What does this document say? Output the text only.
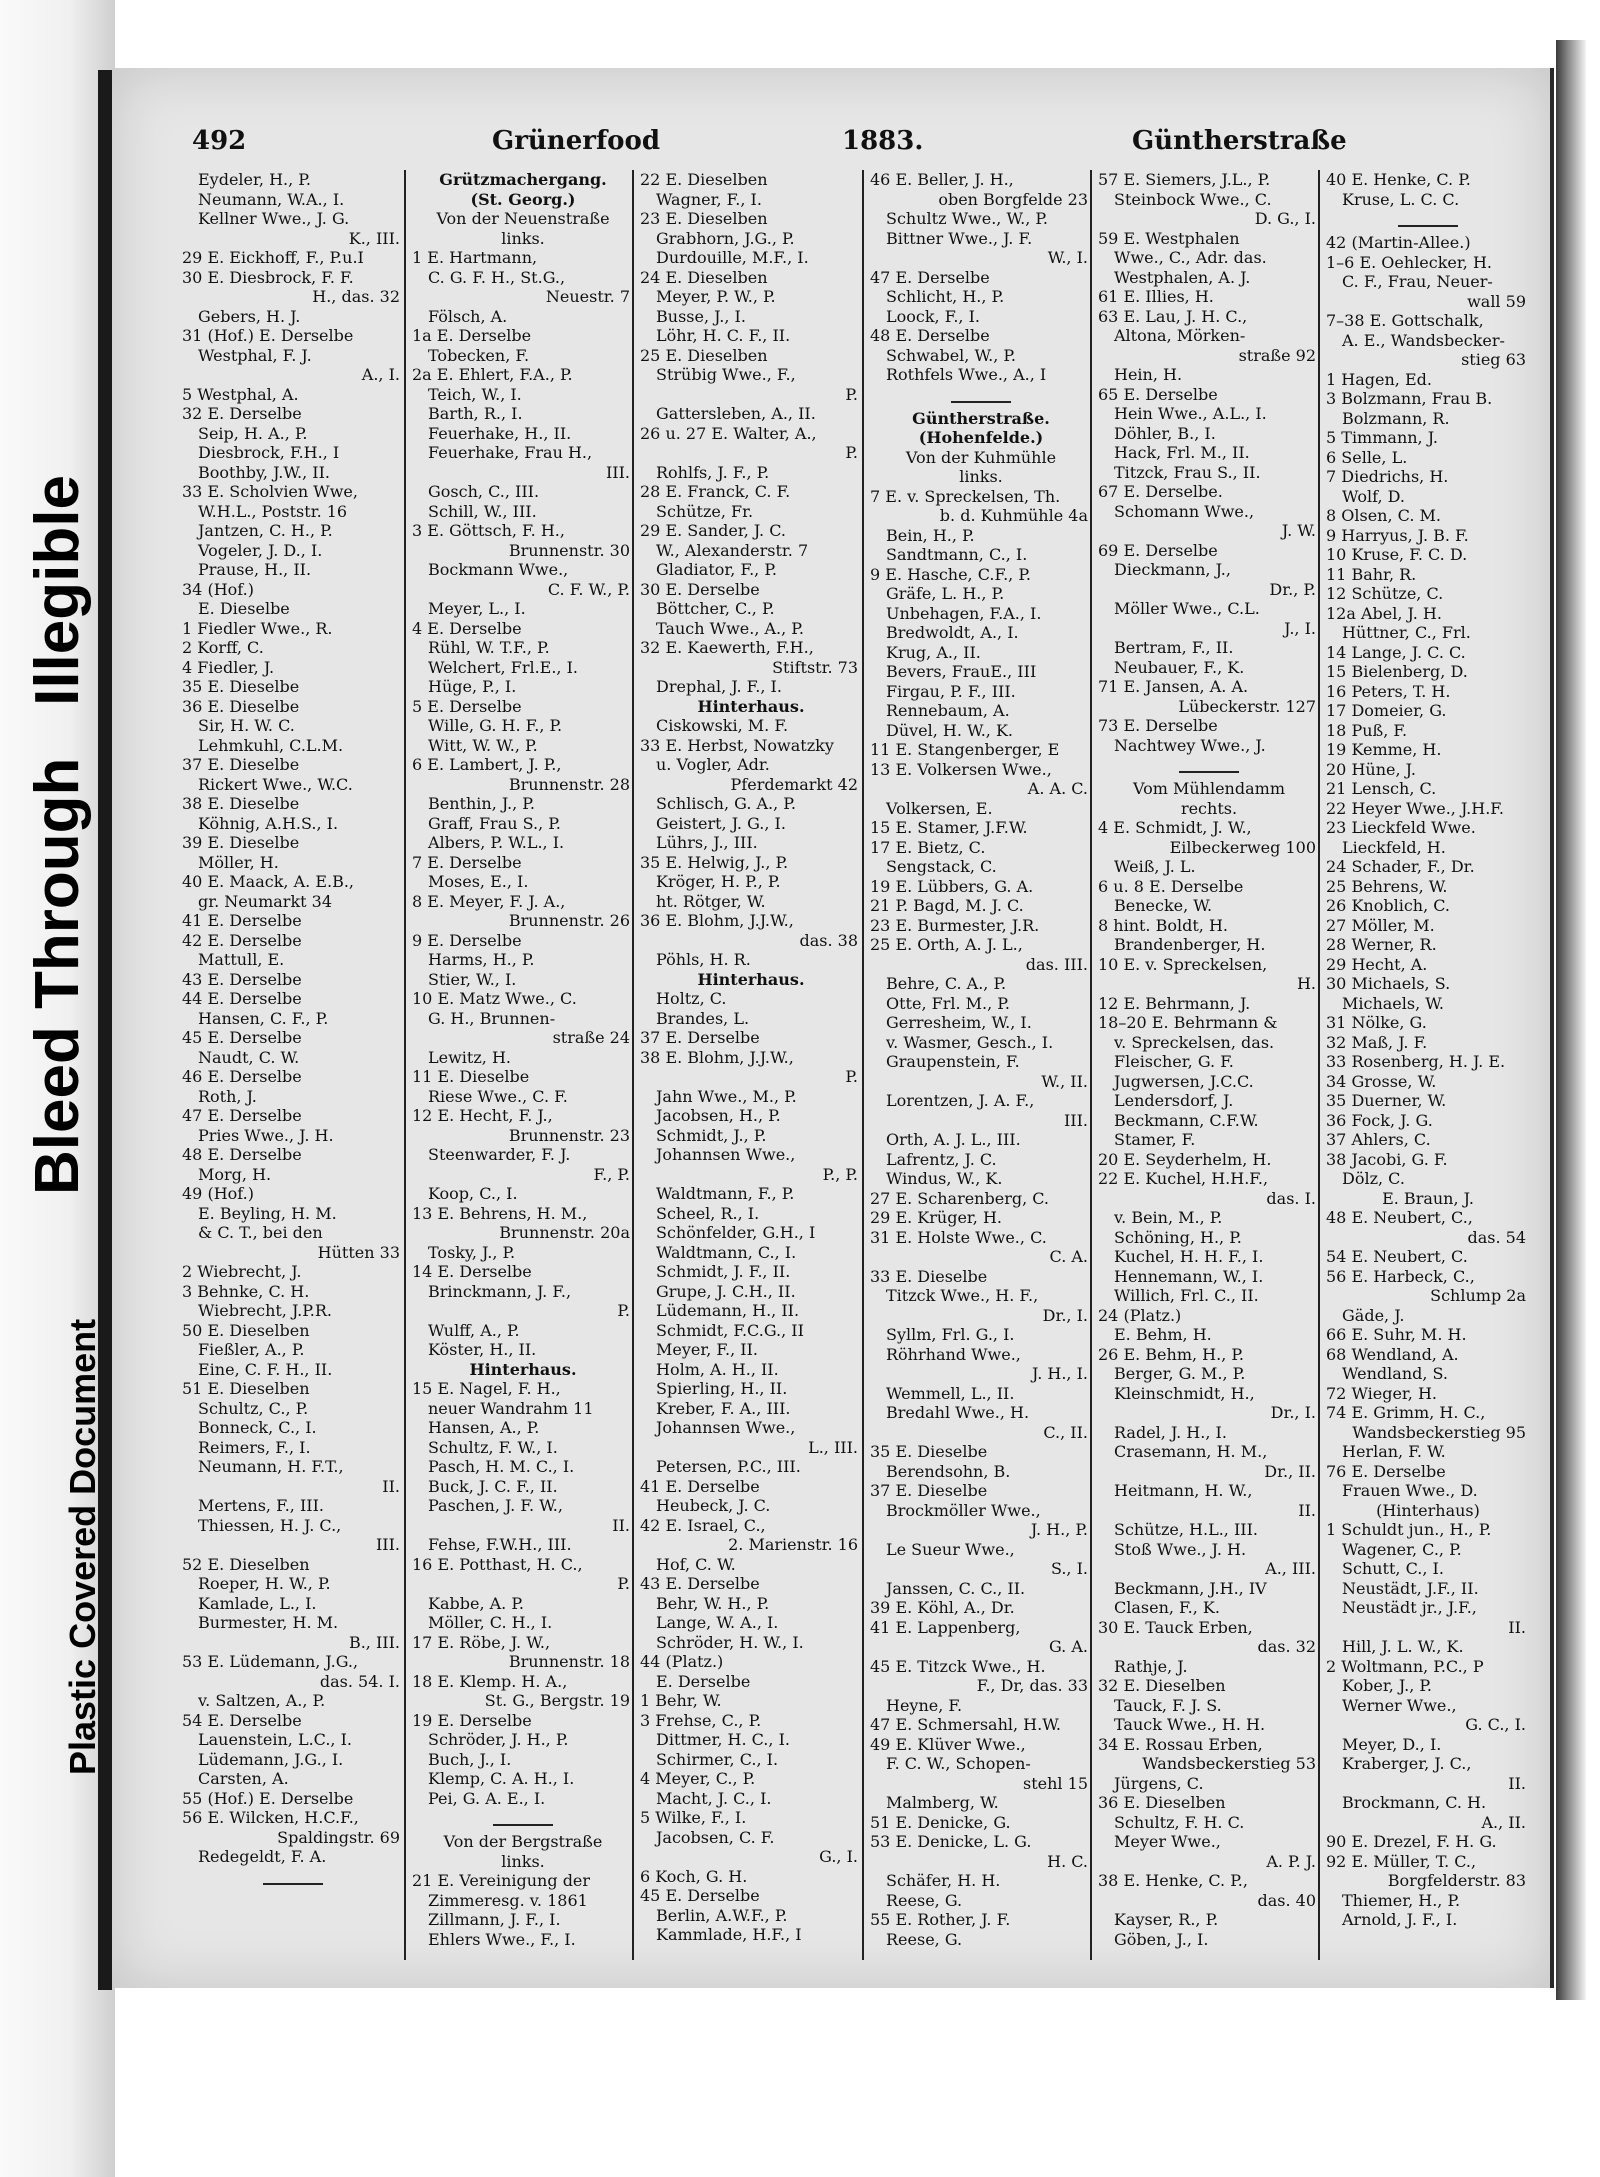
Bleed Through   Illegible
Plastic Covered Document
492	Grünerfood	1883.	Güntherstraße
Eydeler, H., P.
Neumann, W.A., I.
Kellner Wwe., J. G.
K., III.
29 E. Eickhoff, F., P.u.I
30 E. Diesbrock, F. F.
H., das. 32
Gebers, H. J.
31 (Hof.) E. Derselbe
Westphal, F. J.
A., I.
5 Westphal, A.
32 E. Derselbe
Seip, H. A., P.
Diesbrock, F.H., I
Boothby, J.W., II.
33 E. Scholvien Wwe,
W.H.L., Poststr. 16
Jantzen, C. H., P.
Vogeler, J. D., I.
Prause, H., II.
34 (Hof.)
E. Dieselbe
1 Fiedler Wwe., R.
2 Korff, C.
4 Fiedler, J.
35 E. Dieselbe
36 E. Dieselbe
Sir, H. W. C.
Lehmkuhl, C.L.M.
37 E. Dieselbe
Rickert Wwe., W.C.
38 E. Dieselbe
Köhnig, A.H.S., I.
39 E. Dieselbe
Möller, H.
40 E. Maack, A. E.B.,
gr. Neumarkt 34
41 E. Derselbe
42 E. Derselbe
Mattull, E.
43 E. Derselbe
44 E. Derselbe
Hansen, C. F., P.
45 E. Derselbe
Naudt, C. W.
46 E. Derselbe
Roth, J.
47 E. Derselbe
Pries Wwe., J. H.
48 E. Derselbe
Morg, H.
49 (Hof.)
E. Beyling, H. M.
& C. T., bei den
Hütten 33
2 Wiebrecht, J.
3 Behnke, C. H.
Wiebrecht, J.P.R.
50 E. Dieselben
Fießler, A., P.
Eine, C. F. H., II.
51 E. Dieselben
Schultz, C., P.
Bonneck, C., I.
Reimers, F., I.
Neumann, H. F.T.,
II.
Mertens, F., III.
Thiessen, H. J. C.,
III.
52 E. Dieselben
Roeper, H. W., P.
Kamlade, L., I.
Burmester, H. M.
B., III.
53 E. Lüdemann, J.G.,
das. 54. I.
v. Saltzen, A., P.
54 E. Derselbe
Lauenstein, L.C., I.
Lüdemann, J.G., I.
Carsten, A.
55 (Hof.) E. Derselbe
56 E. Wilcken, H.C.F.,
Spaldingstr. 69
Redegeldt, F. A.
Grützmachergang.
(St. Georg.)
Von der Neuenstraße
links.
1 E. Hartmann,
C. G. F. H., St.G.,
Neuestr. 7
Fölsch, A.
1a E. Derselbe
Tobecken, F.
2a E. Ehlert, F.A., P.
Teich, W., I.
Barth, R., I.
Feuerhake, H., II.
Feuerhake, Frau H.,
III.
Gosch, C., III.
Schill, W., III.
3 E. Göttsch, F. H.,
Brunnenstr. 30
Bockmann Wwe.,
C. F. W., P.
Meyer, L., I.
4 E. Derselbe
Rühl, W. T.F., P.
Welchert, Frl.E., I.
Hüge, P., I.
5 E. Derselbe
Wille, G. H. F., P.
Witt, W. W., P.
6 E. Lambert, J. P.,
Brunnenstr. 28
Benthin, J., P.
Graff, Frau S., P.
Albers, P. W.L., I.
7 E. Derselbe
Moses, E., I.
8 E. Meyer, F. J. A.,
Brunnenstr. 26
9 E. Derselbe
Harms, H., P.
Stier, W., I.
10 E. Matz Wwe., C.
G. H., Brunnen-
straße 24
Lewitz, H.
11 E. Dieselbe
Riese Wwe., C. F.
12 E. Hecht, F. J.,
Brunnenstr. 23
Steenwarder, F. J.
F., P.
Koop, C., I.
13 E. Behrens, H. M.,
Brunnenstr. 20a
Tosky, J., P.
14 E. Derselbe
Brinckmann, J. F.,
P.
Wulff, A., P.
Köster, H., II.
Hinterhaus.
15 E. Nagel, F. H.,
neuer Wandrahm 11
Hansen, A., P.
Schultz, F. W., I.
Pasch, H. M. C., I.
Buck, J. C. F., II.
Paschen, J. F. W.,
II.
Fehse, F.W.H., III.
16 E. Potthast, H. C.,
P.
Kabbe, A. P.
Möller, C. H., I.
17 E. Röbe, J. W.,
Brunnenstr. 18
18 E. Klemp. H. A.,
St. G., Bergstr. 19
19 E. Derselbe
Schröder, J. H., P.
Buch, J., I.
Klemp, C. A. H., I.
Pei, G. A. E., I.
Von der Bergstraße
links.
21 E. Vereinigung der
Zimmeresg. v. 1861
Zillmann, J. F., I.
Ehlers Wwe., F., I.
22 E. Dieselben
Wagner, F., I.
23 E. Dieselben
Grabhorn, J.G., P.
Durdouille, M.F., I.
24 E. Dieselben
Meyer, P. W., P.
Busse, J., I.
Löhr, H. C. F., II.
25 E. Dieselben
Strübig Wwe., F.,
P.
Gattersleben, A., II.
26 u. 27 E. Walter, A.,
P.
Rohlfs, J. F., P.
28 E. Franck, C. F.
Schütze, Fr.
29 E. Sander, J. C.
W., Alexanderstr. 7
Gladiator, F., P.
30 E. Derselbe
Böttcher, C., P.
Tauch Wwe., A., P.
32 E. Kaewerth, F.H.,
Stiftstr. 73
Drephal, J. F., I.
Hinterhaus.
Ciskowski, M. F.
33 E. Herbst, Nowatzky
u. Vogler, Adr.
Pferdemarkt 42
Schlisch, G. A., P.
Geistert, J. G., I.
Lührs, J., III.
35 E. Helwig, J., P.
Kröger, H. P., P.
ht. Rötger, W.
36 E. Blohm, J.J.W.,
das. 38
Pöhls, H. R.
Hinterhaus.
Holtz, C.
Brandes, L.
37 E. Derselbe
38 E. Blohm, J.J.W.,
P.
Jahn Wwe., M., P.
Jacobsen, H., P.
Schmidt, J., P.
Johannsen Wwe.,
P., P.
Waldtmann, F., P.
Scheel, R., I.
Schönfelder, G.H., I
Waldtmann, C., I.
Schmidt, J. F., II.
Grupe, J. C.H., II.
Lüdemann, H., II.
Schmidt, F.C.G., II
Meyer, F., II.
Holm, A. H., II.
Spierling, H., II.
Kreber, F. A., III.
Johannsen Wwe.,
L., III.
Petersen, P.C., III.
41 E. Derselbe
Heubeck, J. C.
42 E. Israel, C.,
2. Marienstr. 16
Hof, C. W.
43 E. Derselbe
Behr, W. H., P.
Lange, W. A., I.
Schröder, H. W., I.
44 (Platz.)
E. Derselbe
1 Behr, W.
3 Frehse, C., P.
Dittmer, H. C., I.
Schirmer, C., I.
4 Meyer, C., P.
Macht, J. C., I.
5 Wilke, F., I.
Jacobsen, C. F.
G., I.
6 Koch, G. H.
45 E. Derselbe
Berlin, A.W.F., P.
Kammlade, H.F., I
46 E. Beller, J. H.,
oben Borgfelde 23
Schultz Wwe., W., P.
Bittner Wwe., J. F.
W., I.
47 E. Derselbe
Schlicht, H., P.
Loock, F., I.
48 E. Derselbe
Schwabel, W., P.
Rothfels Wwe., A., I
Güntherstraße.
(Hohenfelde.)
Von der Kuhmühle
links.
7 E. v. Spreckelsen, Th.
b. d. Kuhmühle 4a
Bein, H., P.
Sandtmann, C., I.
9 E. Hasche, C.F., P.
Gräfe, L. H., P.
Unbehagen, F.A., I.
Bredwoldt, A., I.
Krug, A., II.
Bevers, FrauE., III
Firgau, P. F., III.
Rennebaum, A.
Düvel, H. W., K.
11 E. Stangenberger, E
13 E. Volkersen Wwe.,
A. A. C.
Volkersen, E.
15 E. Stamer, J.F.W.
17 E. Bietz, C.
Sengstack, C.
19 E. Lübbers, G. A.
21 P. Bagd, M. J. C.
23 E. Burmester, J.R.
25 E. Orth, A. J. L.,
das. III.
Behre, C. A., P.
Otte, Frl. M., P.
Gerresheim, W., I.
v. Wasmer, Gesch., I.
Graupenstein, F.
W., II.
Lorentzen, J. A. F.,
III.
Orth, A. J. L., III.
Lafrentz, J. C.
Windus, W., K.
27 E. Scharenberg, C.
29 E. Krüger, H.
31 E. Holste Wwe., C.
C. A.
33 E. Dieselbe
Titzck Wwe., H. F.,
Dr., I.
Syllm, Frl. G., I.
Röhrhand Wwe.,
J. H., I.
Wemmell, L., II.
Bredahl Wwe., H.
C., II.
35 E. Dieselbe
Berendsohn, B.
37 E. Dieselbe
Brockmöller Wwe.,
J. H., P.
Le Sueur Wwe.,
S., I.
Janssen, C. C., II.
39 E. Köhl, A., Dr.
41 E. Lappenberg,
G. A.
45 E. Titzck Wwe., H.
F., Dr, das. 33
Heyne, F.
47 E. Schmersahl, H.W.
49 E. Klüver Wwe.,
F. C. W., Schopen-
stehl 15
Malmberg, W.
51 E. Denicke, G.
53 E. Denicke, L. G.
H. C.
Schäfer, H. H.
Reese, G.
55 E. Rother, J. F.
Reese, G.
57 E. Siemers, J.L., P.
Steinbock Wwe., C.
D. G., I.
59 E. Westphalen
Wwe., C., Adr. das.
Westphalen, A. J.
61 E. Illies, H.
63 E. Lau, J. H. C.,
Altona, Mörken-
straße 92
Hein, H.
65 E. Derselbe
Hein Wwe., A.L., I.
Döhler, B., I.
Hack, Frl. M., II.
Titzck, Frau S., II.
67 E. Derselbe.
Schomann Wwe.,
J. W.
69 E. Derselbe
Dieckmann, J.,
Dr., P.
Möller Wwe., C.L.
J., I.
Bertram, F., II.
Neubauer, F., K.
71 E. Jansen, A. A.
Lübeckerstr. 127
73 E. Derselbe
Nachtwey Wwe., J.
Vom Mühlendamm
rechts.
4 E. Schmidt, J. W.,
Eilbeckerweg 100
Weiß, J. L.
6 u. 8 E. Derselbe
Benecke, W.
8 hint. Boldt, H.
Brandenberger, H.
10 E. v. Spreckelsen,
H.
12 E. Behrmann, J.
18–20 E. Behrmann &
v. Spreckelsen, das.
Fleischer, G. F.
Jugwersen, J.C.C.
Lendersdorf, J.
Beckmann, C.F.W.
Stamer, F.
20 E. Seyderhelm, H.
22 E. Kuchel, H.H.F.,
das. I.
v. Bein, M., P.
Schöning, H., P.
Kuchel, H. H. F., I.
Hennemann, W., I.
Willich, Frl. C., II.
24 (Platz.)
E. Behm, H.
26 E. Behm, H., P.
Berger, G. M., P.
Kleinschmidt, H.,
Dr., I.
Radel, J. H., I.
Crasemann, H. M.,
Dr., II.
Heitmann, H. W.,
II.
Schütze, H.L., III.
Stoß Wwe., J. H.
A., III.
Beckmann, J.H., IV
Clasen, F., K.
30 E. Tauck Erben,
das. 32
Rathje, J.
32 E. Dieselben
Tauck, F. J. S.
Tauck Wwe., H. H.
34 E. Rossau Erben,
Wandsbeckerstieg 53
Jürgens, C.
36 E. Dieselben
Schultz, F. H. C.
Meyer Wwe.,
A. P. J.
38 E. Henke, C. P.,
das. 40
Kayser, R., P.
Göben, J., I.
40 E. Henke, C. P.
Kruse, L. C. C.
42 (Martin-Allee.)
1–6 E. Oehlecker, H.
C. F., Frau, Neuer-
wall 59
7–38 E. Gottschalk,
A. E., Wandsbecker-
stieg 63
1 Hagen, Ed.
3 Bolzmann, Frau B.
Bolzmann, R.
5 Timmann, J.
6 Selle, L.
7 Diedrichs, H.
Wolf, D.
8 Olsen, C. M.
9 Harryus, J. B. F.
10 Kruse, F. C. D.
11 Bahr, R.
12 Schütze, C.
12a Abel, J. H.
Hüttner, C., Frl.
14 Lange, J. C. C.
15 Bielenberg, D.
16 Peters, T. H.
17 Domeier, G.
18 Puß, F.
19 Kemme, H.
20 Hüne, J.
21 Lensch, C.
22 Heyer Wwe., J.H.F.
23 Lieckfeld Wwe.
Lieckfeld, H.
24 Schader, F., Dr.
25 Behrens, W.
26 Knoblich, C.
27 Möller, M.
28 Werner, R.
29 Hecht, A.
30 Michaels, S.
Michaels, W.
31 Nölke, G.
32 Maß, J. F.
33 Rosenberg, H. J. E.
34 Grosse, W.
35 Duerner, W.
36 Fock, J. G.
37 Ahlers, C.
38 Jacobi, G. F.
Dölz, C.
E. Braun, J.
48 E. Neubert, C.,
das. 54
54 E. Neubert, C.
56 E. Harbeck, C.,
Schlump 2a
Gäde, J.
66 E. Suhr, M. H.
68 Wendland, A.
Wendland, S.
72 Wieger, H.
74 E. Grimm, H. C.,
Wandsbeckerstieg 95
Herlan, F. W.
76 E. Derselbe
Frauen Wwe., D.
(Hinterhaus)
1 Schuldt jun., H., P.
Wagener, C., P.
Schutt, C., I.
Neustädt, J.F., II.
Neustädt jr., J.F.,
II.
Hill, J. L. W., K.
2 Woltmann, P.C., P
Kober, J., P.
Werner Wwe.,
G. C., I.
Meyer, D., I.
Kraberger, J. C.,
II.
Brockmann, C. H.
A., II.
90 E. Drezel, F. H. G.
92 E. Müller, T. C.,
Borgfelderstr. 83
Thiemer, H., P.
Arnold, J. F., I.
